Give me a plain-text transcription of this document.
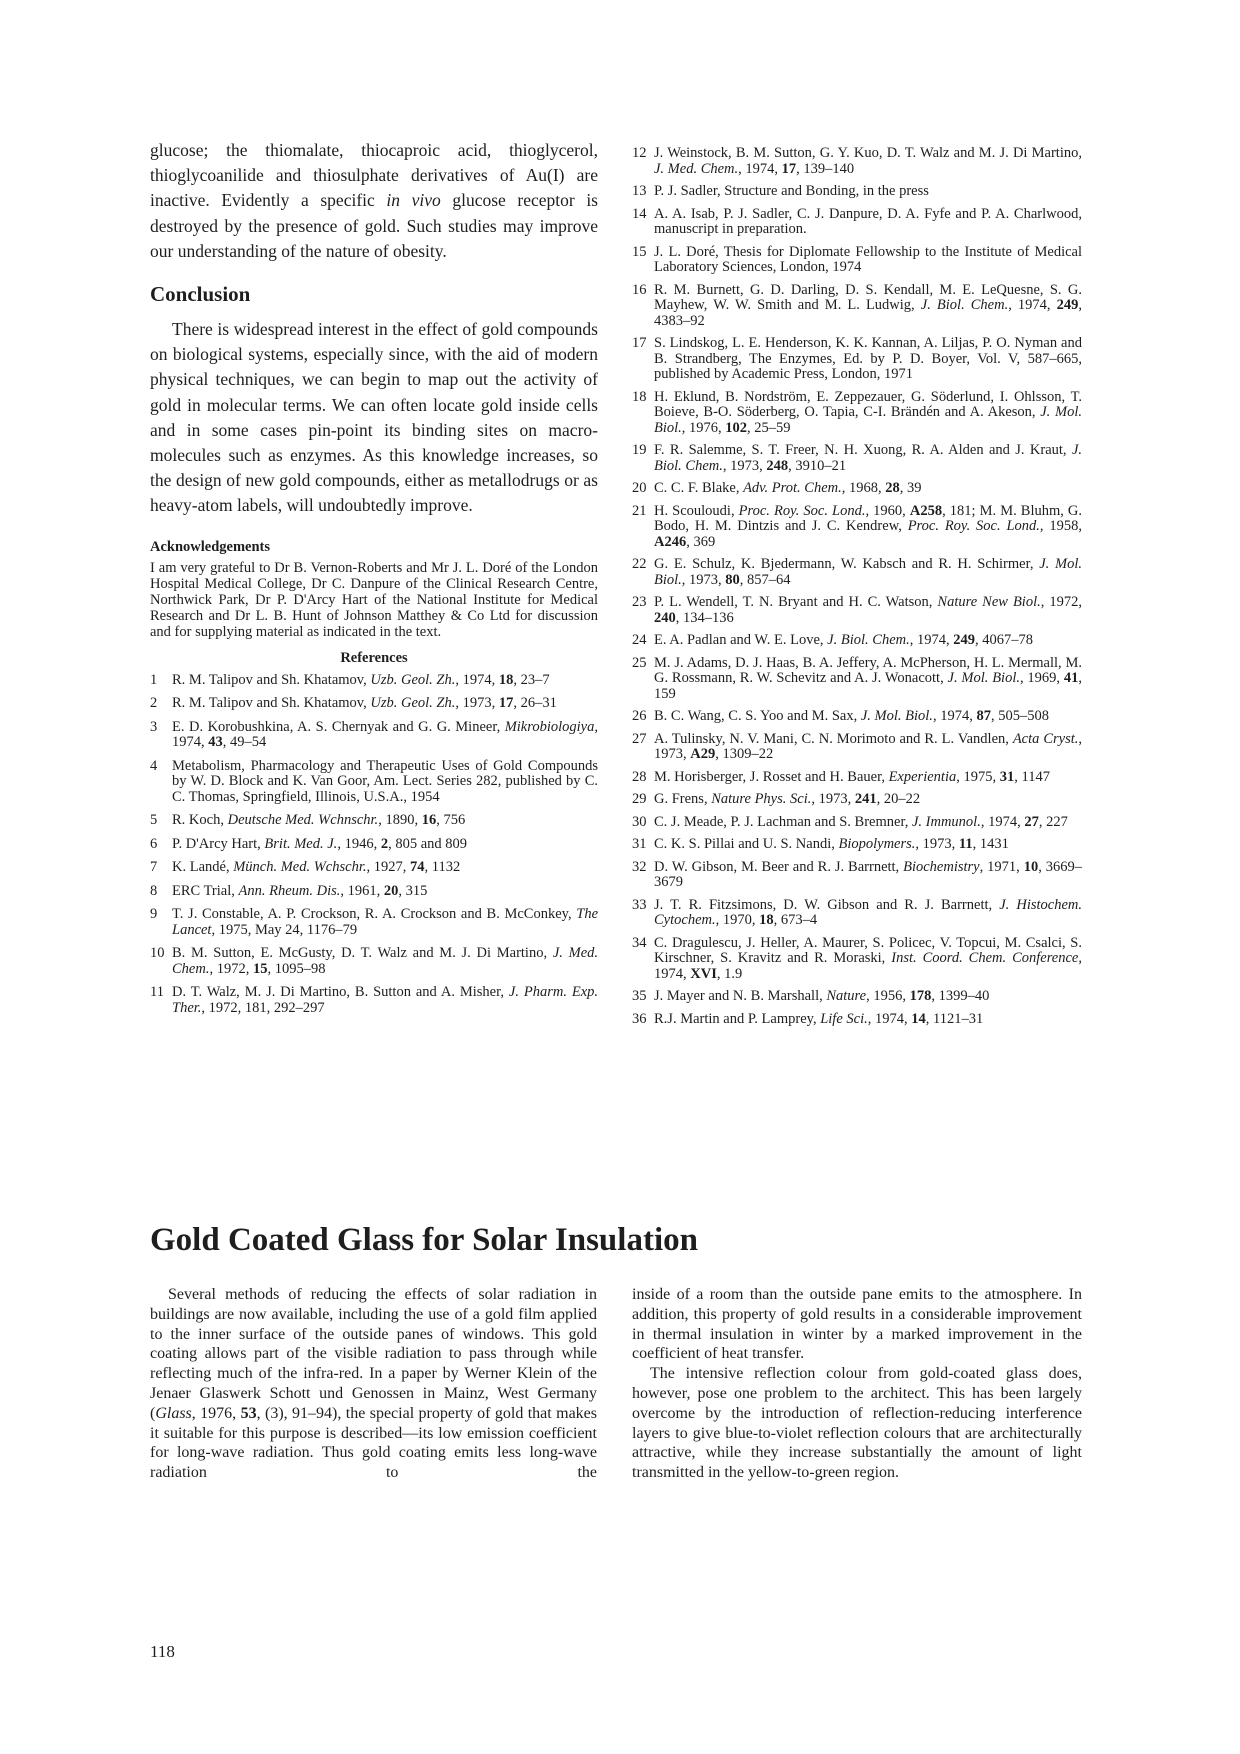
glucose; the thiomalate, thiocaproic acid, thioglycerol, thioglycoanilide and thiosulphate derivatives of Au(I) are inactive. Evidently a specific in vivo glucose receptor is destroyed by the presence of gold. Such studies may improve our understanding of the nature of obesity.

Conclusion

There is widespread interest in the effect of gold compounds on biological systems, especially since, with the aid of modern physical techniques, we can begin to map out the activity of gold in molecular terms. We can often locate gold inside cells and in some cases pin-point its binding sites on macromolecules such as enzymes. As this knowledge increases, so the design of new gold compounds, either as metallodrugs or as heavy-atom labels, will undoubtedly improve.

Acknowledgements

I am very grateful to Dr B. Vernon-Roberts and Mr J. L. Doré of the London Hospital Medical College, Dr C. Danpure of the Clinical Research Centre, Northwick Park, Dr P. D'Arcy Hart of the National Institute for Medical Research and Dr L. B. Hunt of Johnson Matthey & Co Ltd for discussion and for supplying material as indicated in the text.

References
1	R. M. Talipov and Sh. Khatamov, Uzb. Geol. Zh., 1974, 18, 23–7
2	R. M. Talipov and Sh. Khatamov, Uzb. Geol. Zh., 1973, 17, 26–31
3	E. D. Korobushkina, A. S. Chernyak and G. G. Mineer, Mikrobiologiya, 1974, 43, 49–54
4	Metabolism, Pharmacology and Therapeutic Uses of Gold Compounds by W. D. Block and K. Van Goor, Am. Lect. Series 282, published by C. C. Thomas, Springfield, Illinois, U.S.A., 1954
5	R. Koch, Deutsche Med. Wchnschr., 1890, 16, 756
6	P. D'Arcy Hart, Brit. Med. J., 1946, 2, 805 and 809
7	K. Landé, Münch. Med. Wchschr., 1927, 74, 1132
8	ERC Trial, Ann. Rheum. Dis., 1961, 20, 315
9	T. J. Constable, A. P. Crockson, R. A. Crockson and B. McConkey, The Lancet, 1975, May 24, 1176–79
10 B. M. Sutton, E. McGusty, D. T. Walz and M. J. Di Martino, J. Med. Chem., 1972, 15, 1095–98
11 D. T. Walz, M. J. Di Martino, B. Sutton and A. Misher, J. Pharm. Exp. Ther., 1972, 181, 292–297
12 J. Weinstock, B. M. Sutton, G. Y. Kuo, D. T. Walz and M. J. Di Martino, J. Med. Chem., 1974, 17, 139–140
13 P. J. Sadler, Structure and Bonding, in the press
14 A. A. Isab, P. J. Sadler, C. J. Danpure, D. A. Fyfe and P. A. Charlwood, manuscript in preparation.
15 J. L. Doré, Thesis for Diplomate Fellowship to the Institute of Medical Laboratory Sciences, London, 1974
16 R. M. Burnett, G. D. Darling, D. S. Kendall, M. E. LeQuesne, S. G. Mayhew, W. W. Smith and M. L. Ludwig, J. Biol. Chem., 1974, 249, 4383–92
17 S. Lindskog, L. E. Henderson, K. K. Kannan, A. Liljas, P. O. Nyman and B. Strandberg, The Enzymes, Ed. by P. D. Boyer, Vol. V, 587–665, published by Academic Press, London, 1971
18 H. Eklund, B. Nordström, E. Zeppezauer, G. Söderlund, I. Ohlsson, T. Boieve, B-O. Söderberg, O. Tapia, C-I. Brändén and A. Akeson, J. Mol. Biol., 1976, 102, 25–59
19 F. R. Salemme, S. T. Freer, N. H. Xuong, R. A. Alden and J. Kraut, J. Biol. Chem., 1973, 248, 3910–21
20 C. C. F. Blake, Adv. Prot. Chem., 1968, 28, 39
21 H. Scouloudi, Proc. Roy. Soc. Lond., 1960, A258, 181; M. M. Bluhm, G. Bodo, H. M. Dintzis and J. C. Kendrew, Proc. Roy. Soc. Lond., 1958, A246, 369
22 G. E. Schulz, K. Bjedermann, W. Kabsch and R. H. Schirmer, J. Mol. Biol., 1973, 80, 857–64
23 P. L. Wendell, T. N. Bryant and H. C. Watson, Nature New Biol., 1972, 240, 134–136
24 E. A. Padlan and W. E. Love, J. Biol. Chem., 1974, 249, 4067–78
25 M. J. Adams, D. J. Haas, B. A. Jeffery, A. McPherson, H. L. Mermall, M. G. Rossmann, R. W. Schevitz and A. J. Wonacott, J. Mol. Biol., 1969, 41, 159
26 B. C. Wang, C. S. Yoo and M. Sax, J. Mol. Biol., 1974, 87, 505–508
27 A. Tulinsky, N. V. Mani, C. N. Morimoto and R. L. Vandlen, Acta Cryst., 1973, A29, 1309–22
28 M. Horisberger, J. Rosset and H. Bauer, Experientia, 1975, 31, 1147
29 G. Frens, Nature Phys. Sci., 1973, 241, 20–22
30 C. J. Meade, P. J. Lachman and S. Bremner, J. Immunol., 1974, 27, 227
31 C. K. S. Pillai and U. S. Nandi, Biopolymers., 1973, 11, 1431
32 D. W. Gibson, M. Beer and R. J. Barrnett, Biochemistry, 1971, 10, 3669–3679
33 J. T. R. Fitzsimons, D. W. Gibson and R. J. Barrnett, J. Histochem. Cytochem., 1970, 18, 673–4
34 C. Dragulescu, J. Heller, A. Maurer, S. Policec, V. Topcui, M. Csalci, S. Kirschner, S. Kravitz and R. Moraski, Inst. Coord. Chem. Conference, 1974, XVI, 1.9
35 J. Mayer and N. B. Marshall, Nature, 1956, 178, 1399–40
36 R.J. Martin and P. Lamprey, Life Sci., 1974, 14, 1121–31
Gold Coated Glass for Solar Insulation

Several methods of reducing the effects of solar radiation in buildings are now available, including the use of a gold film applied to the inner surface of the outside panes of windows. This gold coating allows part of the visible radiation to pass through while reflecting much of the infra-red. In a paper by Werner Klein of the Jenaer Glaswerk Schott und Genossen in Mainz, West Germany (Glass, 1976, 53, (3), 91–94), the special property of gold that makes it suitable for this purpose is described—its low emission coefficient for long-wave radiation. Thus gold coating emits less long-wave radiation to the

inside of a room than the outside pane emits to the atmosphere. In addition, this property of gold results in a considerable improvement in thermal insulation in winter by a marked improvement in the coefficient of heat transfer.

The intensive reflection colour from gold-coated glass does, however, pose one problem to the architect. This has been largely overcome by the introduction of reflection-reducing interference layers to give blue-to-violet reflection colours that are architecturally attractive, while they increase substantially the amount of light transmitted in the yellow-to-green region.

118
